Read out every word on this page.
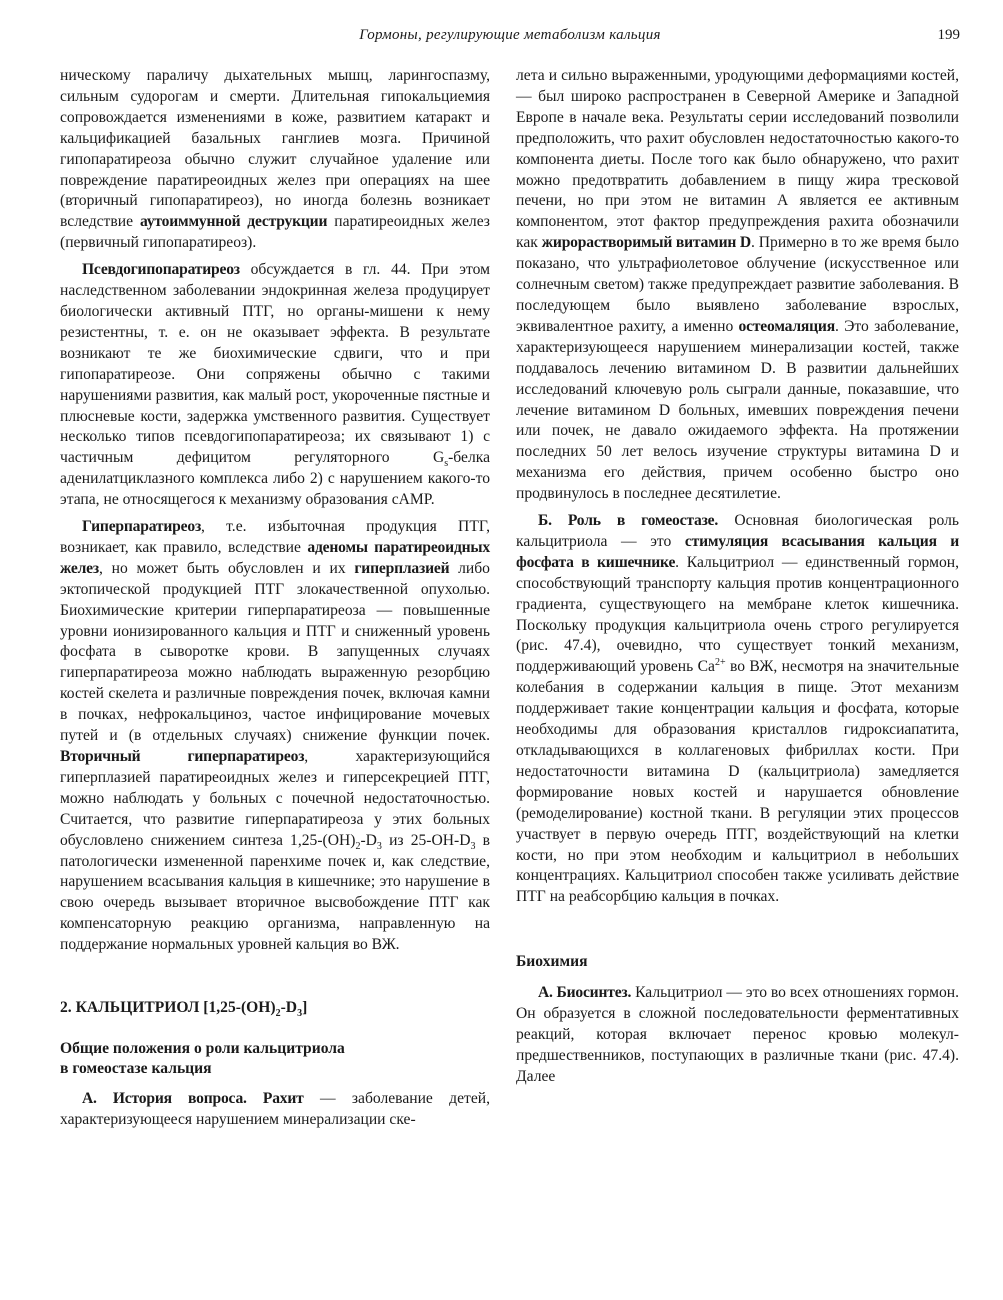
Гормоны, регулирующие метаболизм кальция	199

ническому параличу дыхательных мышц, ларингоспазму, сильным судорогам и смерти. Длительная гипокальциемия сопровождается изменениями в коже, развитием катаракт и кальцификацией базальных ганглиев мозга. Причиной гипопаратиреоза обычно служит случайное удаление или повреждение паратиреоидных желез при операциях на шее (вторичный гипопаратиреоз), но иногда болезнь возникает вследствие аутоиммунной деструкции паратиреоидных желез (первичный гипопаратиреоз).

Псевдогипопаратиреоз обсуждается в гл. 44. При этом наследственном заболевании эндокринная железа продуцирует биологически активный ПТГ, но органы-мишени к нему резистентны, т. е. он не оказывает эффекта. В результате возникают те же биохимические сдвиги, что и при гипопаратиреозе. Они сопряжены обычно с такими нарушениями развития, как малый рост, укороченные пястные и плюсневые кости, задержка умственного развития. Существует несколько типов псевдогипопаратиреоза; их связывают 1) с частичным дефицитом регуляторного $G_s$-белка аденилатциклазного комплекса либо 2) с нарушением какого-то этапа, не относящегося к механизму образования cAMP.

Гиперпаратиреоз, т.е. избыточная продукция ПТГ, возникает, как правило, вследствие аденомы паратиреоидных желез, но может быть обусловлен и их гиперплазией либо эктопической продукцией ПТГ злокачественной опухолью. Биохимические критерии гиперпаратиреоза — повышенные уровни ионизированного кальция и ПТГ и сниженный уровень фосфата в сыворотке крови. В запущенных случаях гиперпаратиреоза можно наблюдать выраженную резорбцию костей скелета и различные повреждения почек, включая камни в почках, нефрокальциноз, частое инфицирование мочевых путей и (в отдельных случаях) снижение функции почек. Вторичный гиперпаратиреоз, характеризующийся гиперплазией паратиреоидных желез и гиперсекрецией ПТГ, можно наблюдать у больных с почечной недостаточностью. Считается, что развитие гиперпаратиреоза у этих больных обусловлено снижением синтеза $1,25-(OH)_2-D_3$ из $25-OH-D_3$ в патологически измененной паренхиме почек и, как следствие, нарушением всасывания кальция в кишечнике; это нарушение в свою очередь вызывает вторичное высвобождение ПТГ как компенсаторную реакцию организма, направленную на поддержание нормальных уровней кальция во ВЖ.

2. КАЛЬЦИТРИОЛ $[1,25-(OH)_2-D_3]$
Общие положения о роли кальцитриола
в гомеостазе кальция

А. История вопроса. Рахит — заболевание детей, характеризующееся нарушением минерализации ске-

лета и сильно выраженными, уродующими деформациями костей,— был широко распространен в Северной Америке и Западной Европе в начале века. Результаты серии исследований позволили предположить, что рахит обусловлен недостаточностью какого-то компонента диеты. После того как было обнаружено, что рахит можно предотвратить добавлением в пищу жира тресковой печени, но при этом не витамин А является ее активным компонентом, этот фактор предупреждения рахита обозначили как жирорастворимый витамин D. Примерно в то же время было показано, что ультрафиолетовое облучение (искусственное или солнечным светом) также предупреждает развитие заболевания. В последующем было выявлено заболевание взрослых, эквивалентное рахиту, а именно остеомаляция. Это заболевание, характеризующееся нарушением минерализации костей, также поддавалось лечению витамином D. В развитии дальнейших исследований ключевую роль сыграли данные, показавшие, что лечение витамином D больных, имевших повреждения печени или почек, не давало ожидаемого эффекта. На протяжении последних 50 лет велось изучение структуры витамина D и механизма его действия, причем особенно быстро оно продвинулось в последнее десятилетие.

Б. Роль в гомеостазе. Основная биологическая роль кальцитриола — это стимуляция всасывания кальция и фосфата в кишечнике. Кальцитриол — единственный гормон, способствующий транспорту кальция против концентрационного градиента, существующего на мембране клеток кишечника. Поскольку продукция кальцитриола очень строго регулируется (рис. 47.4), очевидно, что существует тонкий механизм, поддерживающий уровень $Ca^{2+}$ во ВЖ, несмотря на значительные колебания в содержании кальция в пище. Этот механизм поддерживает такие концентрации кальция и фосфата, которые необходимы для образования кристаллов гидроксиапатита, откладывающихся в коллагеновых фибриллах кости. При недостаточности витамина D (кальцитриола) замедляется формирование новых костей и нарушается обновление (ремоделирование) костной ткани. В регуляции этих процессов участвует в первую очередь ПТГ, воздействующий на клетки кости, но при этом необходим и кальцитриол в небольших концентрациях. Кальцитриол способен также усиливать действие ПТГ на реабсорбцию кальция в почках.

Биохимия

А. Биосинтез. Кальцитриол — это во всех отношениях гормон. Он образуется в сложной последовательности ферментативных реакций, которая включает перенос кровью молекул-предшественников, поступающих в различные ткани (рис. 47.4). Далее
